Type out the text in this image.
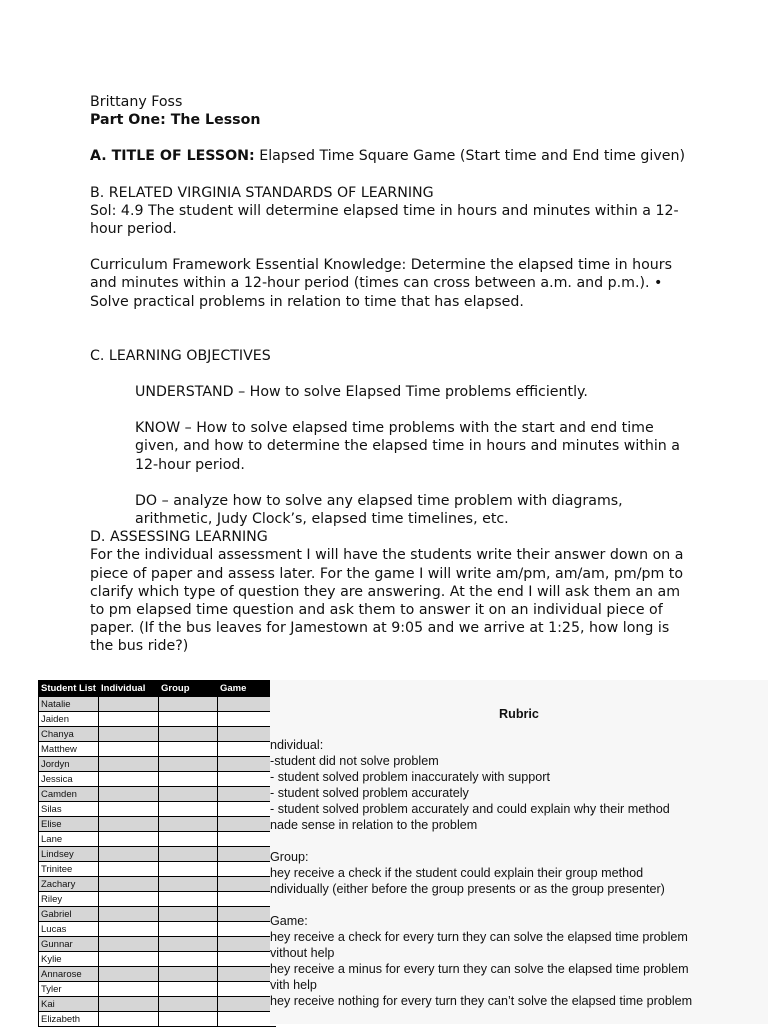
Brittany Foss

Part One: The Lesson

A. TITLE OF LESSON: Elapsed Time Square Game (Start time and End time given)

B. RELATED VIRGINIA STANDARDS OF LEARNING

Sol: 4.9 The student will determine elapsed time in hours and minutes within a 12-hour period.

Curriculum Framework Essential Knowledge: Determine the elapsed time in hours and minutes within a 12-hour period (times can cross between a.m. and p.m.). • Solve practical problems in relation to time that has elapsed.

C. LEARNING OBJECTIVES

UNDERSTAND – How to solve Elapsed Time problems efficiently.

KNOW – How to solve elapsed time problems with the start and end time given, and how to determine the elapsed time in hours and minutes within a 12-hour period.

DO – analyze how to solve any elapsed time problem with diagrams, arithmetic, Judy Clock’s, elapsed time timelines, etc.

D. ASSESSING LEARNING

For the individual assessment I will have the students write their answer down on a piece of paper and assess later. For the game I will write am/pm, am/am, pm/pm to clarify which type of question they are answering. At the end I will ask them an am to pm elapsed time question and ask them to answer it on an individual piece of paper. (If the bus leaves for Jamestown at 9:05 and we arrive at 1:25, how long is the bus ride?)

Student List	Individual	Group	Game
Natalie			
Jaiden			
Chanya			
Matthew			
Jordyn			
Jessica			
Camden			
Silas			
Elise			
Lane			
Lindsey			
Trinitee			
Zachary			
Riley			
Gabriel			
Lucas			
Gunnar			
Kylie			
Annarose			
Tyler			
Kai			
Elizabeth			
Rubric

ndividual:

-student did not solve problem

- student solved problem inaccurately with support

- student solved problem accurately

- student solved problem accurately and could explain why their method

nade sense in relation to the problem

Group:

hey receive a check if the student could explain their group method

ndividually (either before the group presents or as the group presenter)

Game:

hey receive a check for every turn they can solve the elapsed time problem

vithout help

hey receive a minus for every turn they can solve the elapsed time problem

vith help

hey receive nothing for every turn they can’t solve the elapsed time problem
